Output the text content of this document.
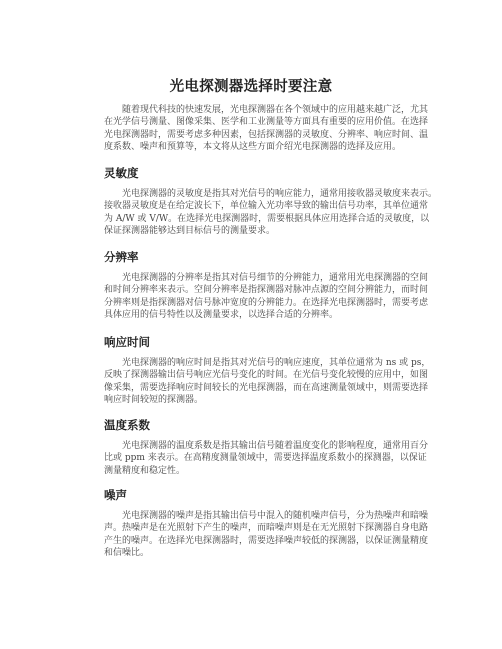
光电探测器选择时要注意

　　随着现代科技的快速发展，光电探测器在各个领域中的应用越来越广泛，尤其
在光学信号测量、图像采集、医学和工业测量等方面具有重要的应用价值。在选择
光电探测器时，需要考虑多种因素，包括探测器的灵敏度、分辨率、响应时间、温
度系数、噪声和预算等，本文将从这些方面介绍光电探测器的选择及应用。

灵敏度

　　光电探测器的灵敏度是指其对光信号的响应能力，通常用接收器灵敏度来表示。
接收器灵敏度是在给定波长下，单位输入光功率导致的输出信号功率，其单位通常
为 A/W 或 V/W。在选择光电探测器时，需要根据具体应用选择合适的灵敏度，以
保证探测器能够达到目标信号的测量要求。

分辨率

　　光电探测器的分辨率是指其对信号细节的分辨能力，通常用光电探测器的空间
和时间分辨率来表示。空间分辨率是指探测器对脉冲点源的空间分辨能力，而时间
分辨率则是指探测器对信号脉冲宽度的分辨能力。在选择光电探测器时，需要考虑
具体应用的信号特性以及测量要求，以选择合适的分辨率。

响应时间

　　光电探测器的响应时间是指其对光信号的响应速度，其单位通常为 ns 或 ps，
反映了探测器输出信号响应光信号变化的时间。在光信号变化较慢的应用中，如图
像采集，需要选择响应时间较长的光电探测器，而在高速测量领域中，则需要选择
响应时间较短的探测器。

温度系数

　　光电探测器的温度系数是指其输出信号随着温度变化的影响程度，通常用百分
比或 ppm 来表示。在高精度测量领域中，需要选择温度系数小的探测器，以保证
测量精度和稳定性。

噪声

　　光电探测器的噪声是指其输出信号中混入的随机噪声信号，分为热噪声和暗噪
声。热噪声是在光照射下产生的噪声，而暗噪声则是在无光照射下探测器自身电路
产生的噪声。在选择光电探测器时，需要选择噪声较低的探测器，以保证测量精度
和信噪比。
